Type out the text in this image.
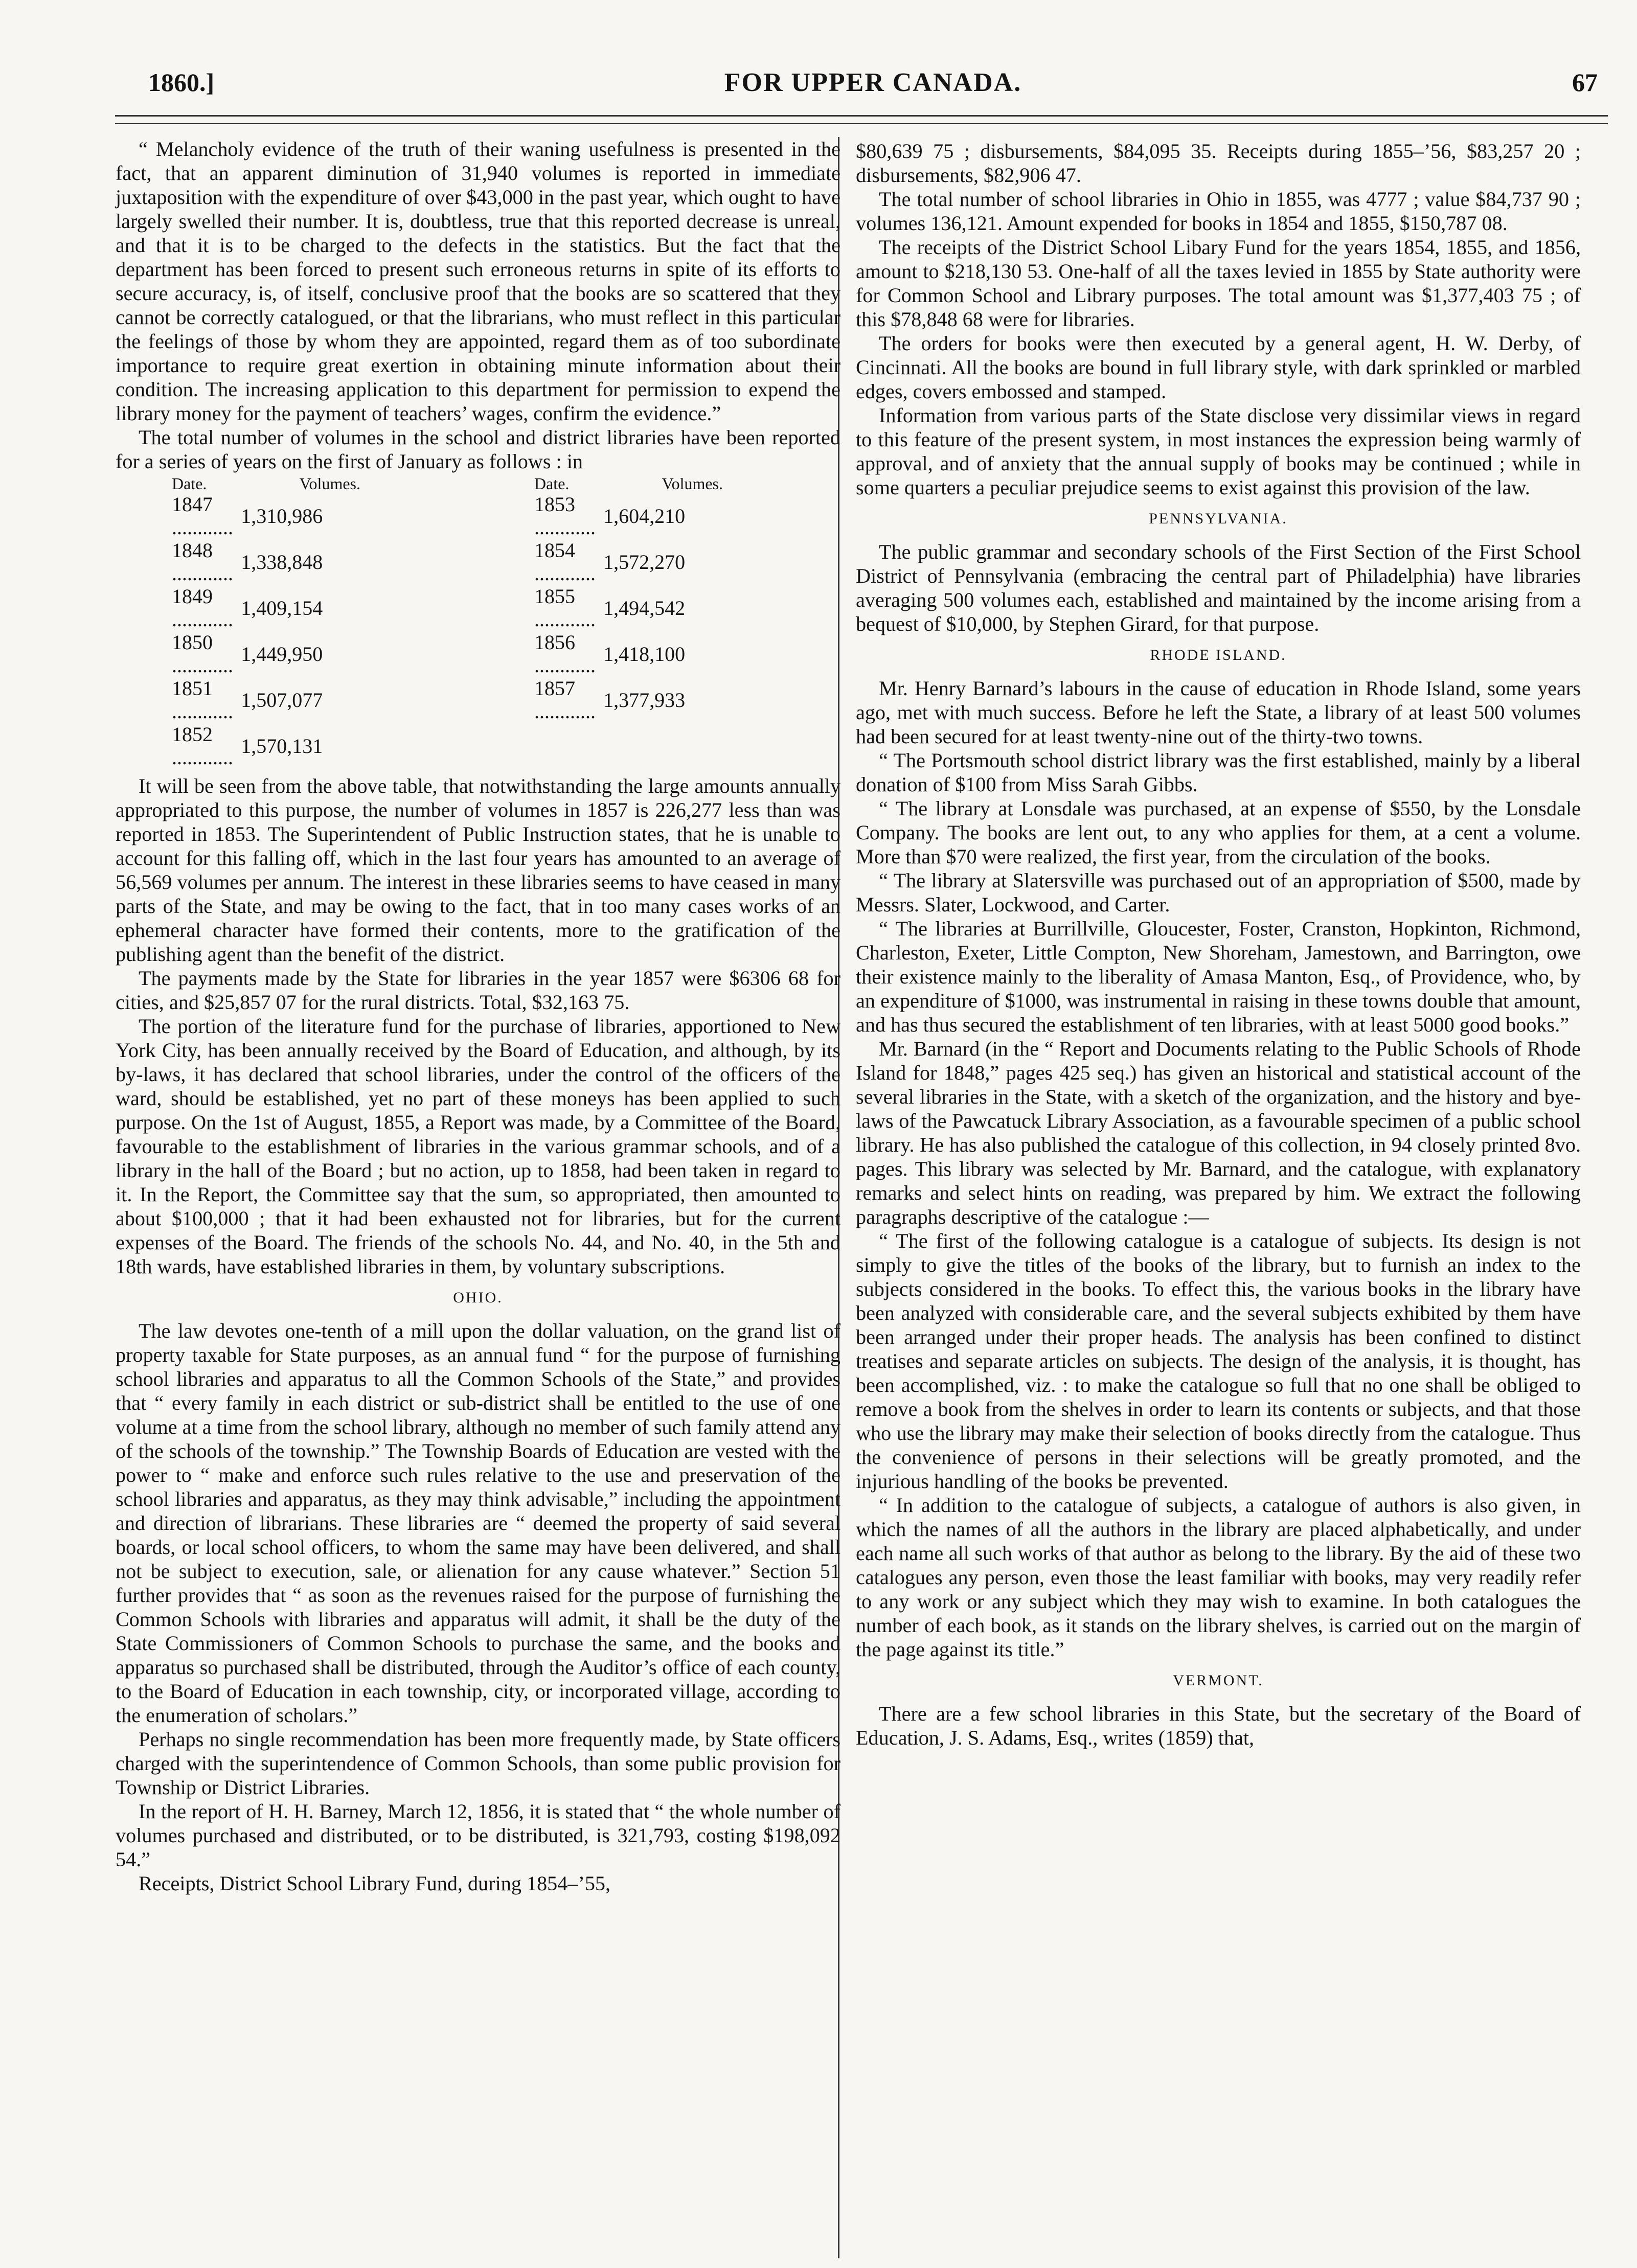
1860.]	FOR UPPER CANADA.	67

“ Melancholy evidence of the truth of their waning usefulness is presented in the fact, that an apparent diminution of 31,940 volumes is reported in immediate juxtaposition with the expenditure of over $43,000 in the past year, which ought to have largely swelled their number. It is, doubtless, true that this reported decrease is unreal, and that it is to be charged to the defects in the statistics. But the fact that the department has been forced to present such erroneous returns in spite of its efforts to secure accuracy, is, of itself, conclusive proof that the books are so scattered that they cannot be correctly catalogued, or that the librarians, who must reflect in this particular the feelings of those by whom they are appointed, regard them as of too subordinate importance to require great exertion in obtaining minute information about their condition. The increasing application to this department for permission to expend the library money for the payment of teachers’ wages, confirm the evidence.”

The total number of volumes in the school and district libraries have been reported for a series of years on the first of January as follows : in

Date.	Volumes.	Date.	Volumes.
1847 ............	1,310,986	1853 ............	1,604,210
1848 ............	1,338,848	1854 ............	1,572,270
1849 ............	1,409,154	1855 ............	1,494,542
1850 ............	1,449,950	1856 ............	1,418,100
1851 ............	1,507,077	1857 ............	1,377,933
1852 ............	1,570,131		

It will be seen from the above table, that notwithstanding the large amounts annually appropriated to this purpose, the number of volumes in 1857 is 226,277 less than was reported in 1853. The Superintendent of Public Instruction states, that he is unable to account for this falling off, which in the last four years has amounted to an average of 56,569 volumes per annum. The interest in these libraries seems to have ceased in many parts of the State, and may be owing to the fact, that in too many cases works of an ephemeral character have formed their contents, more to the gratification of the publishing agent than the benefit of the district.

The payments made by the State for libraries in the year 1857 were $6306 68 for cities, and $25,857 07 for the rural districts. Total, $32,163 75.

The portion of the literature fund for the purchase of libraries, apportioned to New York City, has been annually received by the Board of Education, and although, by its by-laws, it has declared that school libraries, under the control of the officers of the ward, should be established, yet no part of these moneys has been applied to such purpose. On the 1st of August, 1855, a Report was made, by a Committee of the Board, favourable to the establishment of libraries in the various grammar schools, and of a library in the hall of the Board ; but no action, up to 1858, had been taken in regard to it. In the Report, the Committee say that the sum, so appropriated, then amounted to about $100,000 ; that it had been exhausted not for libraries, but for the current expenses of the Board. The friends of the schools No. 44, and No. 40, in the 5th and 18th wards, have established libraries in them, by voluntary subscriptions.

OHIO.

The law devotes one-tenth of a mill upon the dollar valuation, on the grand list of property taxable for State purposes, as an annual fund “ for the purpose of furnishing school libraries and apparatus to all the Common Schools of the State,” and provides that “ every family in each district or sub-district shall be entitled to the use of one volume at a time from the school library, although no member of such family attend any of the schools of the township.” The Township Boards of Education are vested with the power to “ make and enforce such rules relative to the use and preservation of the school libraries and apparatus, as they may think advisable,” including the appointment and direction of librarians. These libraries are “ deemed the property of said several boards, or local school officers, to whom the same may have been delivered, and shall not be subject to execution, sale, or alienation for any cause whatever.” Section 51 further provides that “ as soon as the revenues raised for the purpose of furnishing the Common Schools with libraries and apparatus will admit, it shall be the duty of the State Commissioners of Common Schools to purchase the same, and the books and apparatus so purchased shall be distributed, through the Auditor’s office of each county, to the Board of Education in each township, city, or incorporated village, according to the enumeration of scholars.”

Perhaps no single recommendation has been more frequently made, by State officers charged with the superintendence of Common Schools, than some public provision for Township or District Libraries.

In the report of H. H. Barney, March 12, 1856, it is stated that “ the whole number of volumes purchased and distributed, or to be distributed, is 321,793, costing $198,092 54.”

Receipts, District School Library Fund, during 1854–’55,

$80,639 75 ; disbursements, $84,095 35. Receipts during 1855–’56, $83,257 20 ; disbursements, $82,906 47.

The total number of school libraries in Ohio in 1855, was 4777 ; value $84,737 90 ; volumes 136,121. Amount expended for books in 1854 and 1855, $150,787 08.

The receipts of the District School Libary Fund for the years 1854, 1855, and 1856, amount to $218,130 53. One-half of all the taxes levied in 1855 by State authority were for Common School and Library purposes. The total amount was $1,377,403 75 ; of this $78,848 68 were for libraries.

The orders for books were then executed by a general agent, H. W. Derby, of Cincinnati. All the books are bound in full library style, with dark sprinkled or marbled edges, covers embossed and stamped.

Information from various parts of the State disclose very dissimilar views in regard to this feature of the present system, in most instances the expression being warmly of approval, and of anxiety that the annual supply of books may be continued ; while in some quarters a peculiar prejudice seems to exist against this provision of the law.

PENNSYLVANIA.

The public grammar and secondary schools of the First Section of the First School District of Pennsylvania (embracing the central part of Philadelphia) have libraries averaging 500 volumes each, established and maintained by the income arising from a bequest of $10,000, by Stephen Girard, for that purpose.

RHODE ISLAND.

Mr. Henry Barnard’s labours in the cause of education in Rhode Island, some years ago, met with much success. Before he left the State, a library of at least 500 volumes had been secured for at least twenty-nine out of the thirty-two towns.

“ The Portsmouth school district library was the first established, mainly by a liberal donation of $100 from Miss Sarah Gibbs.

“ The library at Lonsdale was purchased, at an expense of $550, by the Lonsdale Company. The books are lent out, to any who applies for them, at a cent a volume. More than $70 were realized, the first year, from the circulation of the books.

“ The library at Slatersville was purchased out of an appropriation of $500, made by Messrs. Slater, Lockwood, and Carter.

“ The libraries at Burrillville, Gloucester, Foster, Cranston, Hopkinton, Richmond, Charleston, Exeter, Little Compton, New Shoreham, Jamestown, and Barrington, owe their existence mainly to the liberality of Amasa Manton, Esq., of Providence, who, by an expenditure of $1000, was instrumental in raising in these towns double that amount, and has thus secured the establishment of ten libraries, with at least 5000 good books.”

Mr. Barnard (in the “ Report and Documents relating to the Public Schools of Rhode Island for 1848,” pages 425 seq.) has given an historical and statistical account of the several libraries in the State, with a sketch of the organization, and the history and bye-laws of the Pawcatuck Library Association, as a favourable specimen of a public school library. He has also published the catalogue of this collection, in 94 closely printed 8vo. pages. This library was selected by Mr. Barnard, and the catalogue, with explanatory remarks and select hints on reading, was prepared by him. We extract the following paragraphs descriptive of the catalogue :—

“ The first of the following catalogue is a catalogue of subjects. Its design is not simply to give the titles of the books of the library, but to furnish an index to the subjects considered in the books. To effect this, the various books in the library have been analyzed with considerable care, and the several subjects exhibited by them have been arranged under their proper heads. The analysis has been confined to distinct treatises and separate articles on subjects. The design of the analysis, it is thought, has been accomplished, viz. : to make the catalogue so full that no one shall be obliged to remove a book from the shelves in order to learn its contents or subjects, and that those who use the library may make their selection of books directly from the catalogue. Thus the convenience of persons in their selections will be greatly promoted, and the injurious handling of the books be prevented.

“ In addition to the catalogue of subjects, a catalogue of authors is also given, in which the names of all the authors in the library are placed alphabetically, and under each name all such works of that author as belong to the library. By the aid of these two catalogues any person, even those the least familiar with books, may very readily refer to any work or any subject which they may wish to examine. In both catalogues the number of each book, as it stands on the library shelves, is carried out on the margin of the page against its title.”

VERMONT.

There are a few school libraries in this State, but the secretary of the Board of Education, J. S. Adams, Esq., writes (1859) that,
